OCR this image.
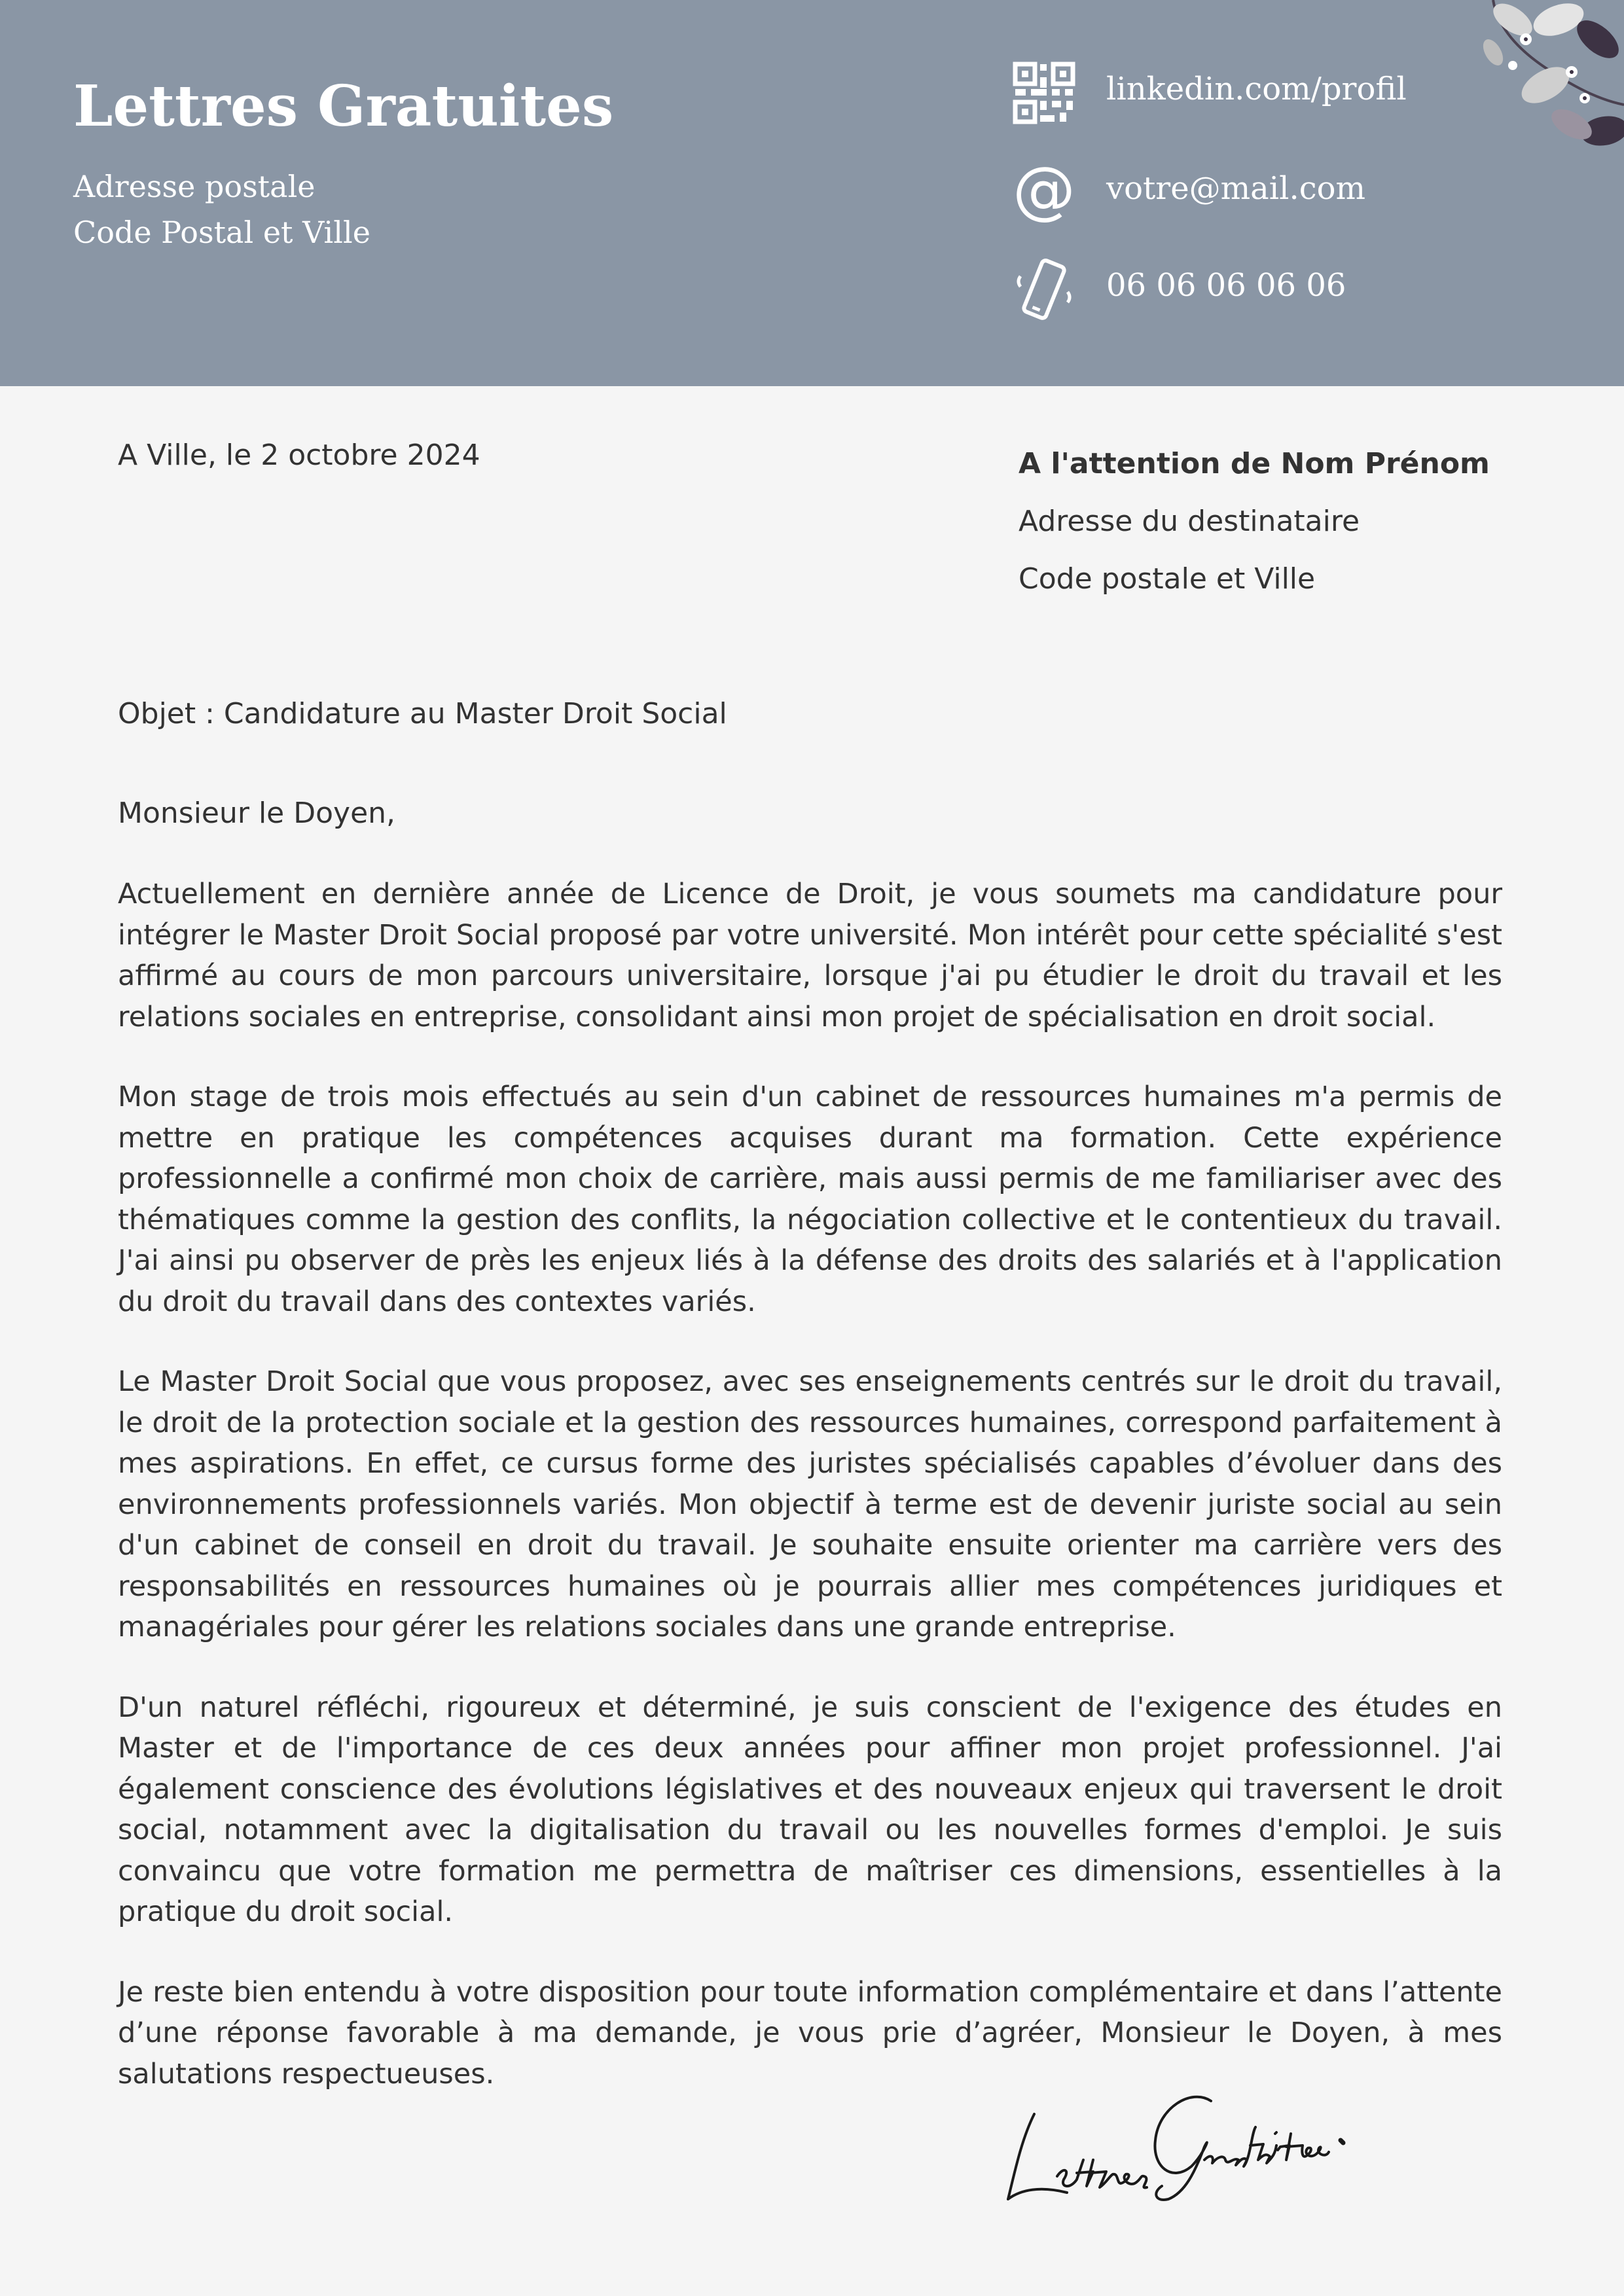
Lettres Gratuites
Adresse postale
Code Postal et Ville
linkedin.com/profil
@ votre@mail.com
06 06 06 06 06
A Ville, le 2 octobre 2024	A l'attention de Nom Prénom
Adresse du destinataire
Code postale et Ville
Objet : Candidature au Master Droit Social
Monsieur le Doyen,

Actuellement en dernière année de Licence de Droit, je vous soumets ma candidature pour intégrer le Master Droit Social proposé par votre université. Mon intérêt pour cette spécialité s'est affirmé au cours de mon parcours universitaire, lorsque j'ai pu étudier le droit du travail et les relations sociales en entreprise, consolidant ainsi mon projet de spécialisation en droit social.

Mon stage de trois mois effectués au sein d'un cabinet de ressources humaines m'a permis de mettre en pratique les compétences acquises durant ma formation. Cette expérience professionnelle a confirmé mon choix de carrière, mais aussi permis de me familiariser avec des thématiques comme la gestion des conflits, la négociation collective et le contentieux du travail. J'ai ainsi pu observer de près les enjeux liés à la défense des droits des salariés et à l'application du droit du travail dans des contextes variés.

Le Master Droit Social que vous proposez, avec ses enseignements centrés sur le droit du travail, le droit de la protection sociale et la gestion des ressources humaines, correspond parfaitement à mes aspirations. En effet, ce cursus forme des juristes spécialisés capables d’évoluer dans des environnements professionnels variés. Mon objectif à terme est de devenir juriste social au sein d'un cabinet de conseil en droit du travail. Je souhaite ensuite orienter ma carrière vers des responsabilités en ressources humaines où je pourrais allier mes compétences juridiques et managériales pour gérer les relations sociales dans une grande entreprise.

D'un naturel réfléchi, rigoureux et déterminé, je suis conscient de l'exigence des études en Master et de l'importance de ces deux années pour affiner mon projet professionnel. J'ai également conscience des évolutions législatives et des nouveaux enjeux qui traversent le droit social, notamment avec la digitalisation du travail ou les nouvelles formes d'emploi. Je suis convaincu que votre formation me permettra de maîtriser ces dimensions, essentielles à la pratique du droit social.

Je reste bien entendu à votre disposition pour toute information complémentaire et dans l’attente d’une réponse favorable à ma demande, je vous prie d’agréer, Monsieur le Doyen, à mes salutations respectueuses.
